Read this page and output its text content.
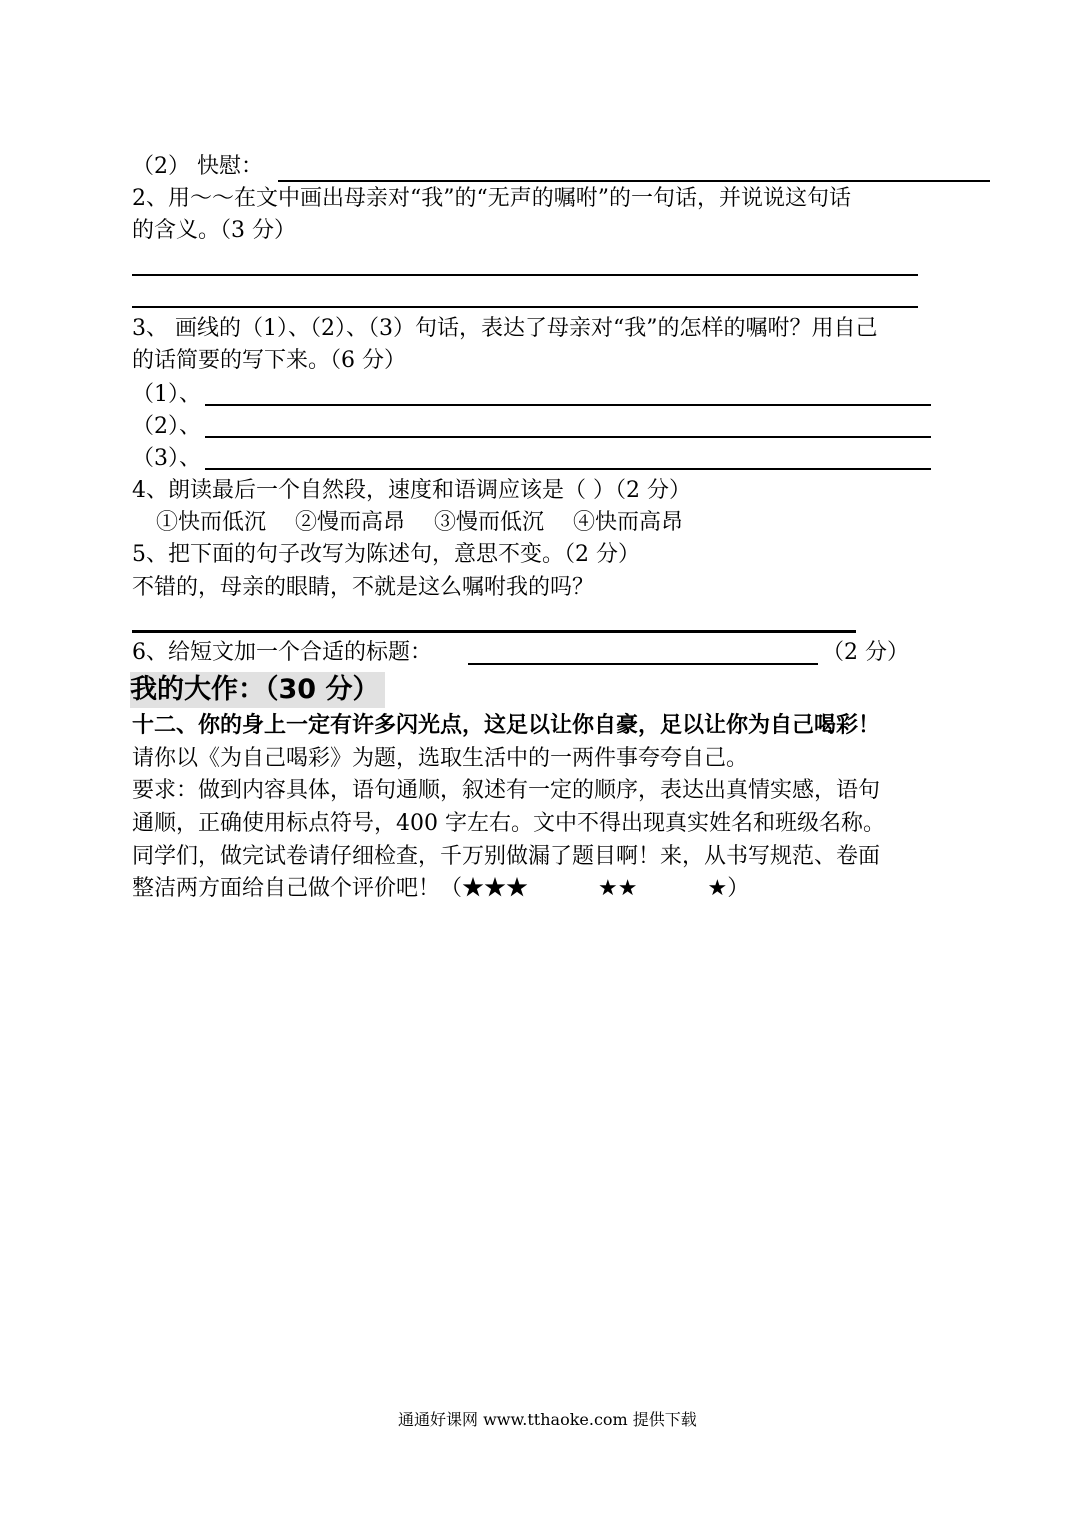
（2） 快慰：
2、用～～在文中画出母亲对“我”的“无声的嘱咐”的一句话，并说说这句话
的含义。（3 分）
3、 画线的（1）、（2）、（3）句话，表达了母亲对“我”的怎样的嘱咐？用自己
的话简要的写下来。（6 分）
（1）、
（2）、
（3）、
4、朗读最后一个自然段，速度和语调应该是（ ）（2 分）
①快而低沉 ②慢而高昂 ③慢而低沉 ④快而高昂
5、把下面的句子改写为陈述句，意思不变。（2 分）
不错的，母亲的眼睛，不就是这么嘱咐我的吗？
6、给短文加一个合适的标题：	（2 分）
我的大作：（30 分）
十二、你的身上一定有许多闪光点，这足以让你自豪，足以让你为自己喝彩！
请你以《为自己喝彩》为题，选取生活中的一两件事夸夸自己。
要求：做到内容具体，语句通顺，叙述有一定的顺序，表达出真情实感，语句
通顺，正确使用标点符号，400 字左右。文中不得出现真实姓名和班级名称。
同学们，做完试卷请仔细检查，千万别做漏了题目啊！来，从书写规范、卷面
整洁两方面给自己做个评价吧！（★★★	★★	★）
通通好课网 www.tthaoke.com 提供下载
